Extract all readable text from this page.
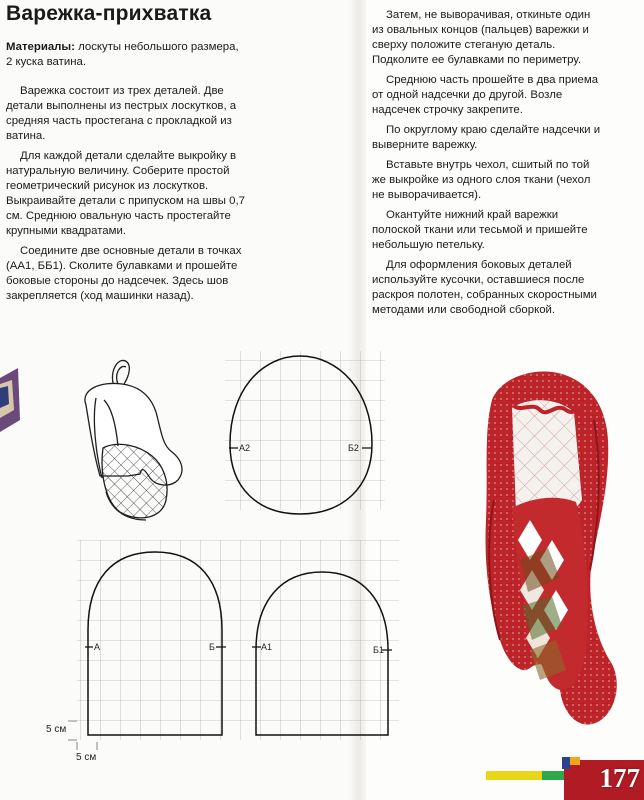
Варежка-прихватка

Материалы: лоскуты небольшого размера, 2 куска ватина.

Варежка состоит из трех деталей. Две детали выполнены из пестрых лоскутков, а средняя часть простегана с прокладкой из ватина.

Для каждой детали сделайте выкройку в натуральную величину. Соберите простой геометрический рисунок из лоскутков. Выкраивайте детали с припуском на швы 0,7 см. Среднюю овальную часть простегайте крупными квадратами.

Соедините две основные детали в точках (АА1, ББ1). Сколите булавками и прошейте боковые стороны до надсечек. Здесь шов закрепляется (ход машинки назад).

Затем, не выворачивая, откиньте один из овальных концов (пальцев) варежки и сверху положите стеганую деталь. Подколите ее булавками по периметру.

Среднюю часть прошейте в два приема от одной надсечки до другой. Возле надсечек строчку закрепите.

По округлому краю сделайте надсечки и выверните варежку.

Вставьте внутрь чехол, сшитый по той же выкройке из одного слоя ткани (чехол не выворачивается).

Окантуйте нижний край варежки полоской ткани или тесьмой и пришейте небольшую петельку.

Для оформления боковых деталей используйте кусочки, оставшиеся после раскроя полотен, собранных скоростными методами или свободной сборкой.

А2	Б2
А	Б	А1	Б1
5 см
5 см
177
